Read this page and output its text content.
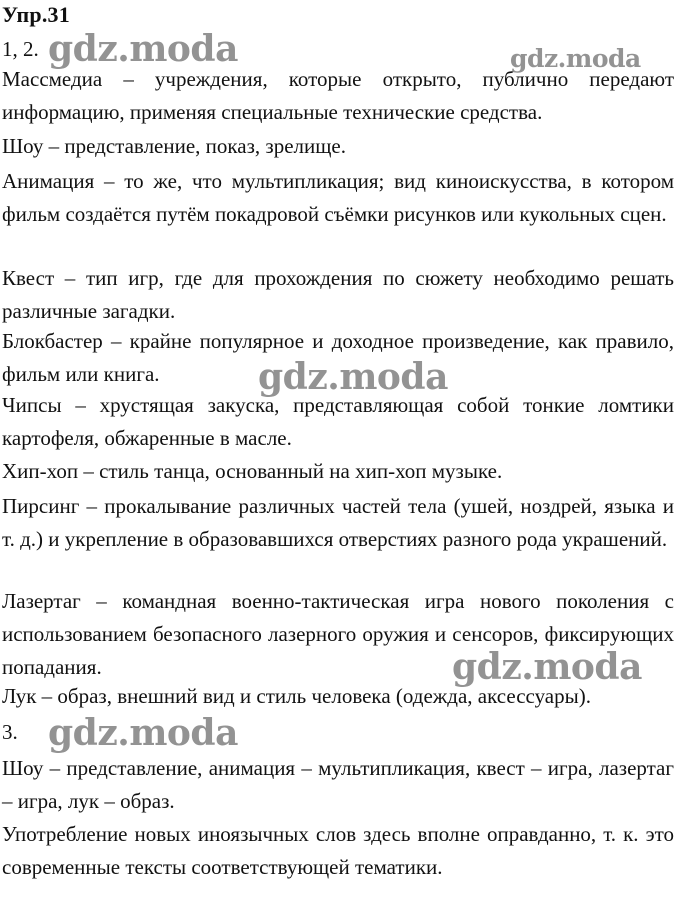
Упр.31
1, 2.

Массмедиа – учреждения, которые открыто, публично передают информацию, применяя специальные технические средства.

Шоу – представление, показ, зрелище.

Анимация – то же, что мультипликация; вид киноискусства, в котором фильм создаётся путём покадровой съёмки рисунков или кукольных сцен.

Квест – тип игр, где для прохождения по сюжету необходимо решать различные загадки.

Блокбастер – крайне популярное и доходное произведение, как правило, фильм или книга.

Чипсы – хрустящая закуска, представляющая собой тонкие ломтики картофеля, обжаренные в масле.

Хип-хоп – стиль танца, основанный на хип-хоп музыке.

Пирсинг – прокалывание различных частей тела (ушей, ноздрей, языка и т. д.) и укрепление в образовавшихся отверстиях разного рода украшений.

Лазертаг – командная военно-тактическая игра нового поколения с использованием безопасного лазерного оружия и сенсоров, фиксирующих попадания.

Лук – образ, внешний вид и стиль человека (одежда, аксессуары).

3.

Шоу – представление, анимация – мультипликация, квест – игра, лазертаг – игра, лук – образ.

Употребление новых иноязычных слов здесь вполне оправданно, т. к. это современные тексты соответствующей тематики.

gdz.moda	gdz.moda
gdz.moda
gdz.moda
gdz.moda
